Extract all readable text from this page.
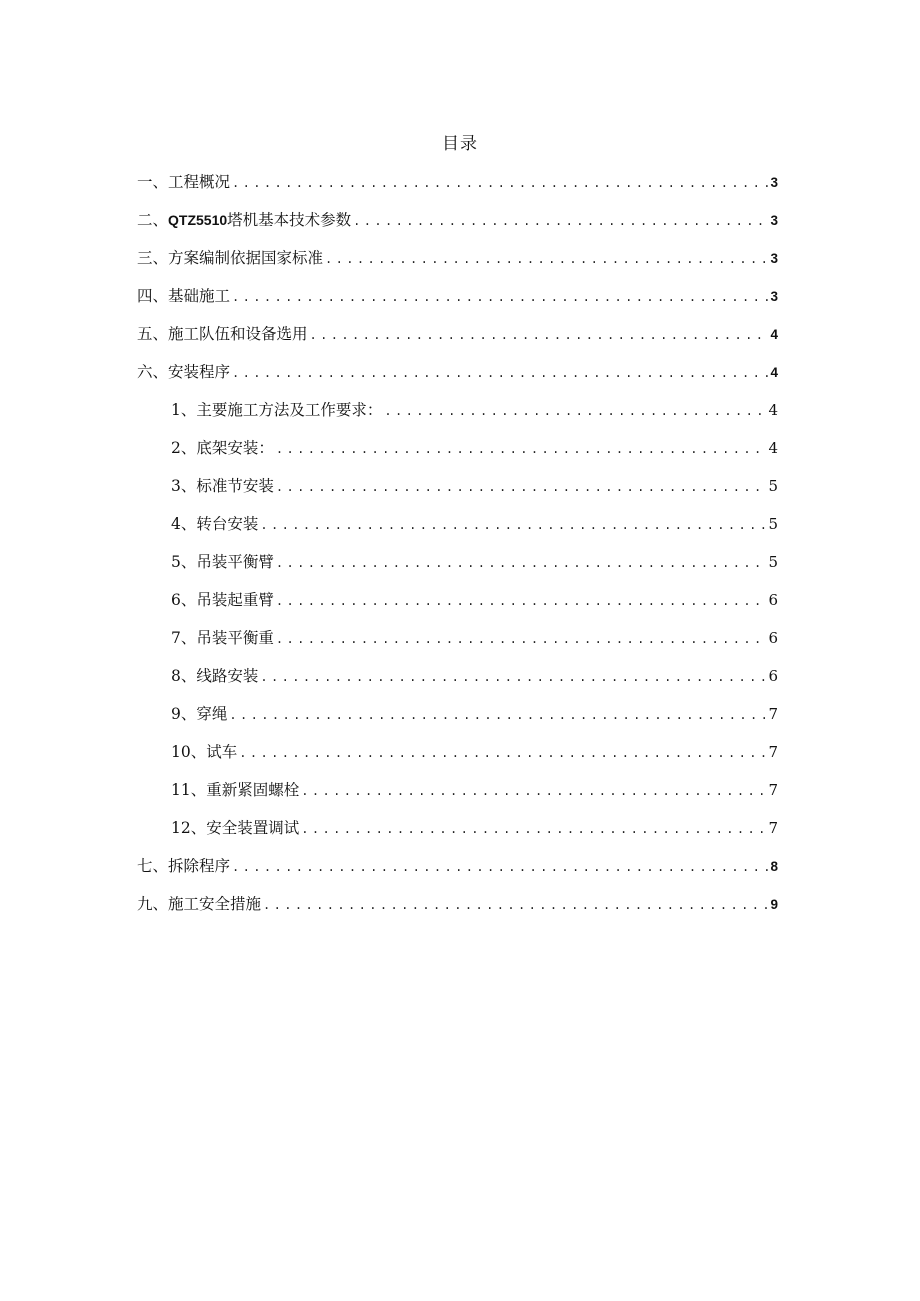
目录
一、工程概况 .....	3
二、QTZ5510塔机基本技术参数 .....	3
三、方案编制依据国家标准 .....	3
四、基础施工 .....	3
五、施工队伍和设备选用 .....	4
六、安装程序 .....	4
1、主要施工方法及工作要求： .....	4
2、底架安装： .....	4
3、标准节安装 .....	5
4、转台安装 .....	5
5、吊装平衡臂 .....	5
6、吊装起重臂 .....	6
7、吊装平衡重 .....	6
8、线路安装 .....	6
9、穿绳 .....	7
10、试车 .....	7
11、重新紧固螺栓 .....	7
12、安全装置调试 .....	7
七、拆除程序 .....	8
九、施工安全措施 .....	9
